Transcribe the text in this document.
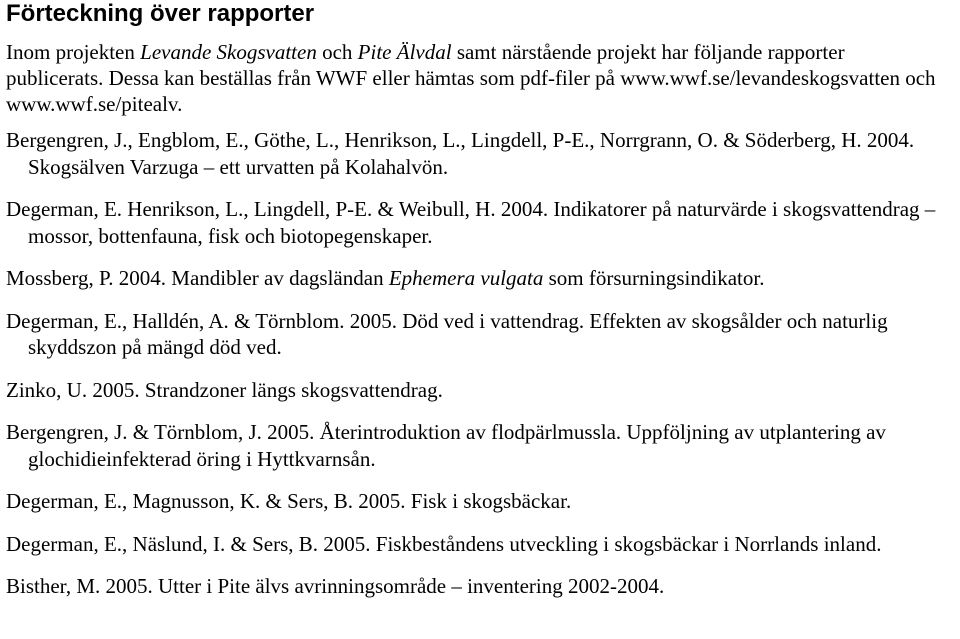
Förteckning över rapporter

Inom projekten Levande Skogsvatten och Pite Älvdal samt närstående projekt har följande rapporter publicerats. Dessa kan beställas från WWF eller hämtas som pdf-filer på www.wwf.se/levandeskogsvatten och www.wwf.se/pitealv.

Bergengren, J., Engblom, E., Göthe, L., Henrikson, L., Lingdell, P-E., Norrgrann, O. & Söderberg, H. 2004. Skogsälven Varzuga – ett urvatten på Kolahalvön.
Degerman, E. Henrikson, L., Lingdell, P-E. & Weibull, H. 2004. Indikatorer på naturvärde i skogsvattendrag – mossor, bottenfauna, fisk och biotopegenskaper.
Mossberg, P. 2004. Mandibler av dagsländan Ephemera vulgata som försurningsindikator.
Degerman, E., Halldén, A. & Törnblom. 2005. Död ved i vattendrag. Effekten av skogsålder och naturlig skyddszon på mängd död ved.
Zinko, U. 2005. Strandzoner längs skogsvattendrag.
Bergengren, J. & Törnblom, J. 2005. Återintroduktion av flodpärlmussla. Uppföljning av utplantering av glochidieinfekterad öring i Hyttkvarnsån.
Degerman, E., Magnusson, K. & Sers, B. 2005. Fisk i skogsbäckar.
Degerman, E., Näslund, I. & Sers, B. 2005. Fiskbeståndens utveckling i skogsbäckar i Norrlands inland.
Bisther, M. 2005. Utter i Pite älvs avrinningsområde – inventering 2002-2004.
